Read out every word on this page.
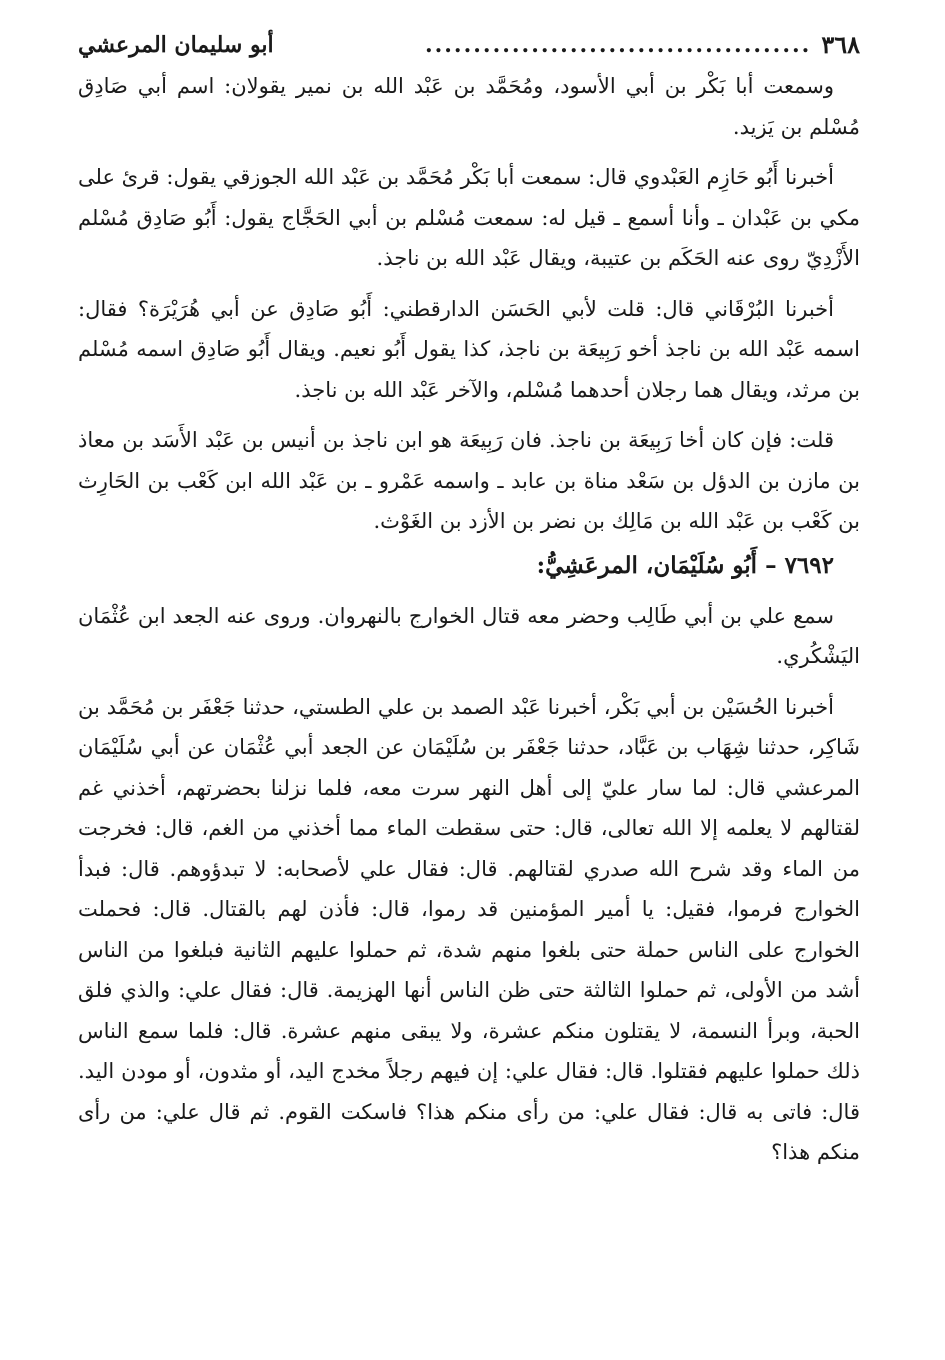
٣٦٨
........................................
أبو سليمان المرعشي

وسمعت أبا بَكْر بن أبي الأسود، ومُحَمَّد بن عَبْد الله بن نمير يقولان: اسم أبي صَادِق مُسْلم بن يَزيد.

أخبرنا أَبُو حَازِم العَبْدوي قال: سمعت أبا بَكْر مُحَمَّد بن عَبْد الله الجوزقي يقول: قرئ على مكي بن عَبْدان ـ وأنا أسمع ـ قيل له: سمعت مُسْلم بن أبي الحَجَّاج يقول: أَبُو صَادِق مُسْلم الأَزْدِيّ روى عنه الحَكَم بن عتيبة، ويقال عَبْد الله بن ناجذ.

أخبرنا البُرْقَاني قال: قلت لأبي الحَسَن الدارقطني: أَبُو صَادِق عن أبي هُرَيْرَة؟ فقال: اسمه عَبْد الله بن ناجذ أخو رَبِيعَة بن ناجذ، كذا يقول أَبُو نعيم. ويقال أَبُو صَادِق اسمه مُسْلم بن مرثد، ويقال هما رجلان أحدهما مُسْلم، والآخر عَبْد الله بن ناجذ.

قلت: فإن كان أخا رَبِيعَة بن ناجذ. فان رَبِيعَة هو ابن ناجذ بن أنيس بن عَبْد الأَسَد بن معاذ بن مازن بن الدؤل بن سَعْد مناة بن عابد ـ واسمه عَمْرو ـ بن عَبْد الله ابن كَعْب بن الحَارِث بن كَعْب بن عَبْد الله بن مَالِك بن نضر بن الأزد بن الغَوْث.

٧٦٩٢ – أَبُو سُلَيْمَان، المرعَشِيُّ:

سمع علي بن أبي طَالِب وحضر معه قتال الخوارج بالنهروان. وروى عنه الجعد ابن عُثْمَان اليَشْكُري.

أخبرنا الحُسَيْن بن أبي بَكْر، أخبرنا عَبْد الصمد بن علي الطستي، حدثنا جَعْفَر بن مُحَمَّد بن شَاكِر، حدثنا شِهَاب بن عَبَّاد، حدثنا جَعْفَر بن سُلَيْمَان عن الجعد أبي عُثْمَان عن أبي سُلَيْمَان المرعشي قال: لما سار عليّ إلى أهل النهر سرت معه، فلما نزلنا بحضرتهم، أخذني غم لقتالهم لا يعلمه إلا الله تعالى، قال: حتى سقطت الماء مما أخذني من الغم، قال: فخرجت من الماء وقد شرح الله صدري لقتالهم. قال: فقال علي لأصحابه: لا تبدؤوهم. قال: فبدأ الخوارج فرموا، فقيل: يا أمير المؤمنين قد رموا، قال: فأذن لهم بالقتال. قال: فحملت الخوارج على الناس حملة حتى بلغوا منهم شدة، ثم حملوا عليهم الثانية فبلغوا من الناس أشد من الأولى، ثم حملوا الثالثة حتى ظن الناس أنها الهزيمة. قال: فقال علي: والذي فلق الحبة، وبرأ النسمة، لا يقتلون منكم عشرة، ولا يبقى منهم عشرة. قال: فلما سمع الناس ذلك حملوا عليهم فقتلوا. قال: فقال علي: إن فيهم رجلاً مخدج اليد، أو مثدون، أو مودن اليد. قال: فاتى به قال: فقال علي: من رأى منكم هذا؟ فاسكت القوم. ثم قال علي: من رأى منكم هذا؟
